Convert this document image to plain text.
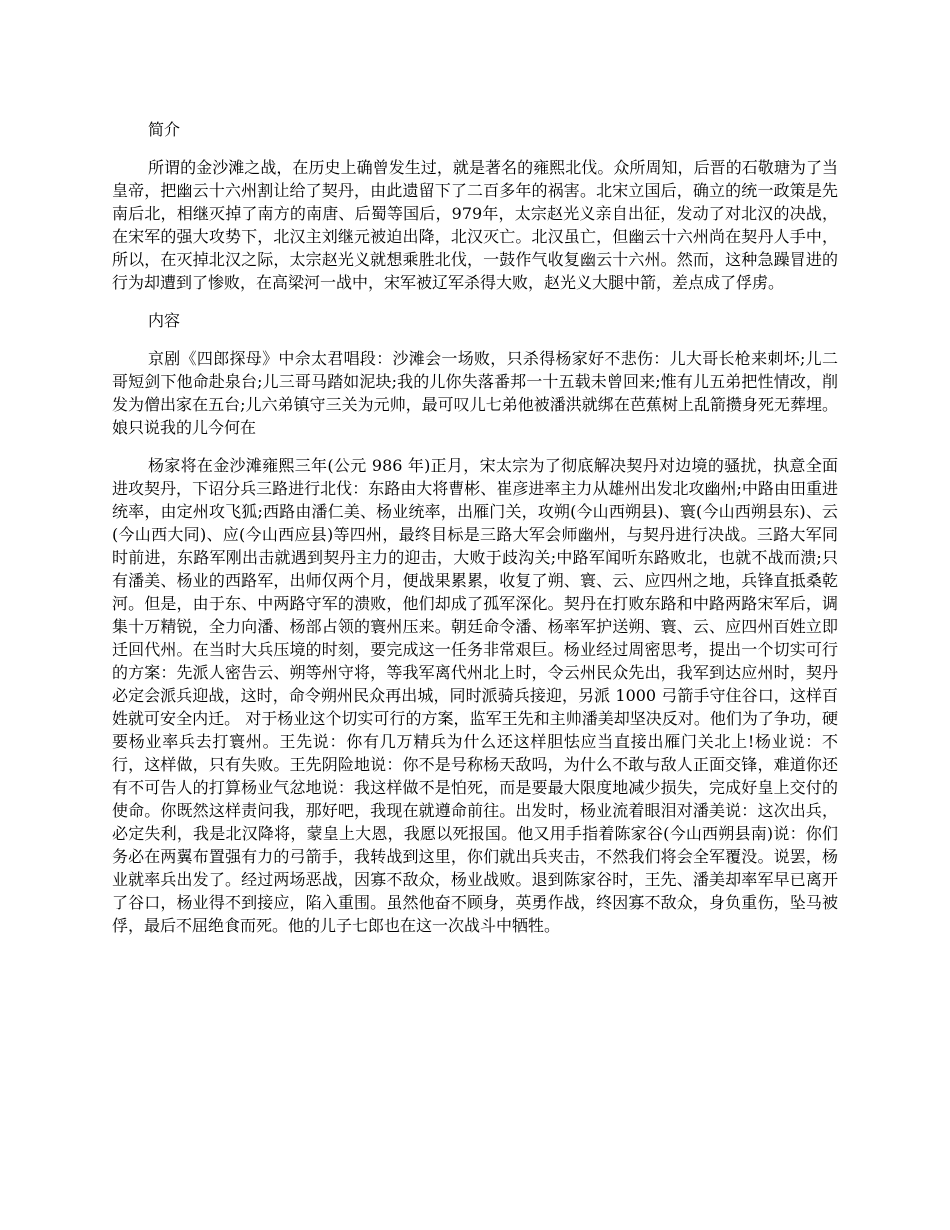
简介

所谓的金沙滩之战，在历史上确曾发生过，就是著名的雍熙北伐。众所周知，后晋的石敬瑭为了当皇帝，把幽云十六州割让给了契丹，由此遗留下了二百多年的祸害。北宋立国后，确立的统一政策是先南后北，相继灭掉了南方的南唐、后蜀等国后，979年，太宗赵光义亲自出征，发动了对北汉的决战，在宋军的强大攻势下，北汉主刘继元被迫出降，北汉灭亡。北汉虽亡，但幽云十六州尚在契丹人手中，所以，在灭掉北汉之际，太宗赵光义就想乘胜北伐，一鼓作气收复幽云十六州。然而，这种急躁冒进的行为却遭到了惨败，在高梁河一战中，宋军被辽军杀得大败，赵光义大腿中箭，差点成了俘虏。

内容

京剧《四郎探母》中佘太君唱段：沙滩会一场败，只杀得杨家好不悲伤：儿大哥长枪来刺坏;儿二哥短剑下他命赴泉台;儿三哥马踏如泥块;我的儿你失落番邦一十五载未曾回来;惟有儿五弟把性情改，削发为僧出家在五台;儿六弟镇守三关为元帅，最可叹儿七弟他被潘洪就绑在芭蕉树上乱箭攒身死无葬埋。娘只说我的儿今何在

杨家将在金沙滩雍熙三年(公元 986 年)正月，宋太宗为了彻底解决契丹对边境的骚扰，执意全面进攻契丹，下诏分兵三路进行北伐：东路由大将曹彬、崔彦进率主力从雄州出发北攻幽州;中路由田重进统率，由定州攻飞狐;西路由潘仁美、杨业统率，出雁门关，攻朔(今山西朔县)、寰(今山西朔县东)、云(今山西大同)、应(今山西应县)等四州，最终目标是三路大军会师幽州，与契丹进行决战。三路大军同时前进，东路军刚出击就遇到契丹主力的迎击，大败于歧沟关;中路军闻听东路败北，也就不战而溃;只有潘美、杨业的西路军，出师仅两个月，便战果累累，收复了朔、寰、云、应四州之地，兵锋直抵桑乾河。但是，由于东、中两路守军的溃败，他们却成了孤军深化。契丹在打败东路和中路两路宋军后，调集十万精锐，全力向潘、杨部占领的寰州压来。朝廷命令潘、杨率军护送朔、寰、云、应四州百姓立即迁回代州。在当时大兵压境的时刻，要完成这一任务非常艰巨。杨业经过周密思考，提出一个切实可行的方案：先派人密告云、朔等州守将，等我军离代州北上时，令云州民众先出，我军到达应州时，契丹必定会派兵迎战，这时，命令朔州民众再出城，同时派骑兵接迎，另派 1000 弓箭手守住谷口，这样百姓就可安全内迁。 对于杨业这个切实可行的方案，监军王先和主帅潘美却坚决反对。他们为了争功，硬要杨业率兵去打寰州。王先说：你有几万精兵为什么还这样胆怯应当直接出雁门关北上!杨业说：不行，这样做，只有失败。王先阴险地说：你不是号称杨天敌吗，为什么不敢与敌人正面交锋，难道你还有不可告人的打算杨业气忿地说：我这样做不是怕死，而是要最大限度地减少损失，完成好皇上交付的使命。你既然这样责问我，那好吧，我现在就遵命前往。出发时，杨业流着眼泪对潘美说：这次出兵，必定失利，我是北汉降将，蒙皇上大恩，我愿以死报国。他又用手指着陈家谷(今山西朔县南)说：你们务必在两翼布置强有力的弓箭手，我转战到这里，你们就出兵夹击，不然我们将会全军覆没。说罢，杨业就率兵出发了。经过两场恶战，因寡不敌众，杨业战败。退到陈家谷时，王先、潘美却率军早已离开了谷口，杨业得不到接应，陷入重围。虽然他奋不顾身，英勇作战，终因寡不敌众，身负重伤，坠马被俘，最后不屈绝食而死。他的儿子七郎也在这一次战斗中牺牲。
